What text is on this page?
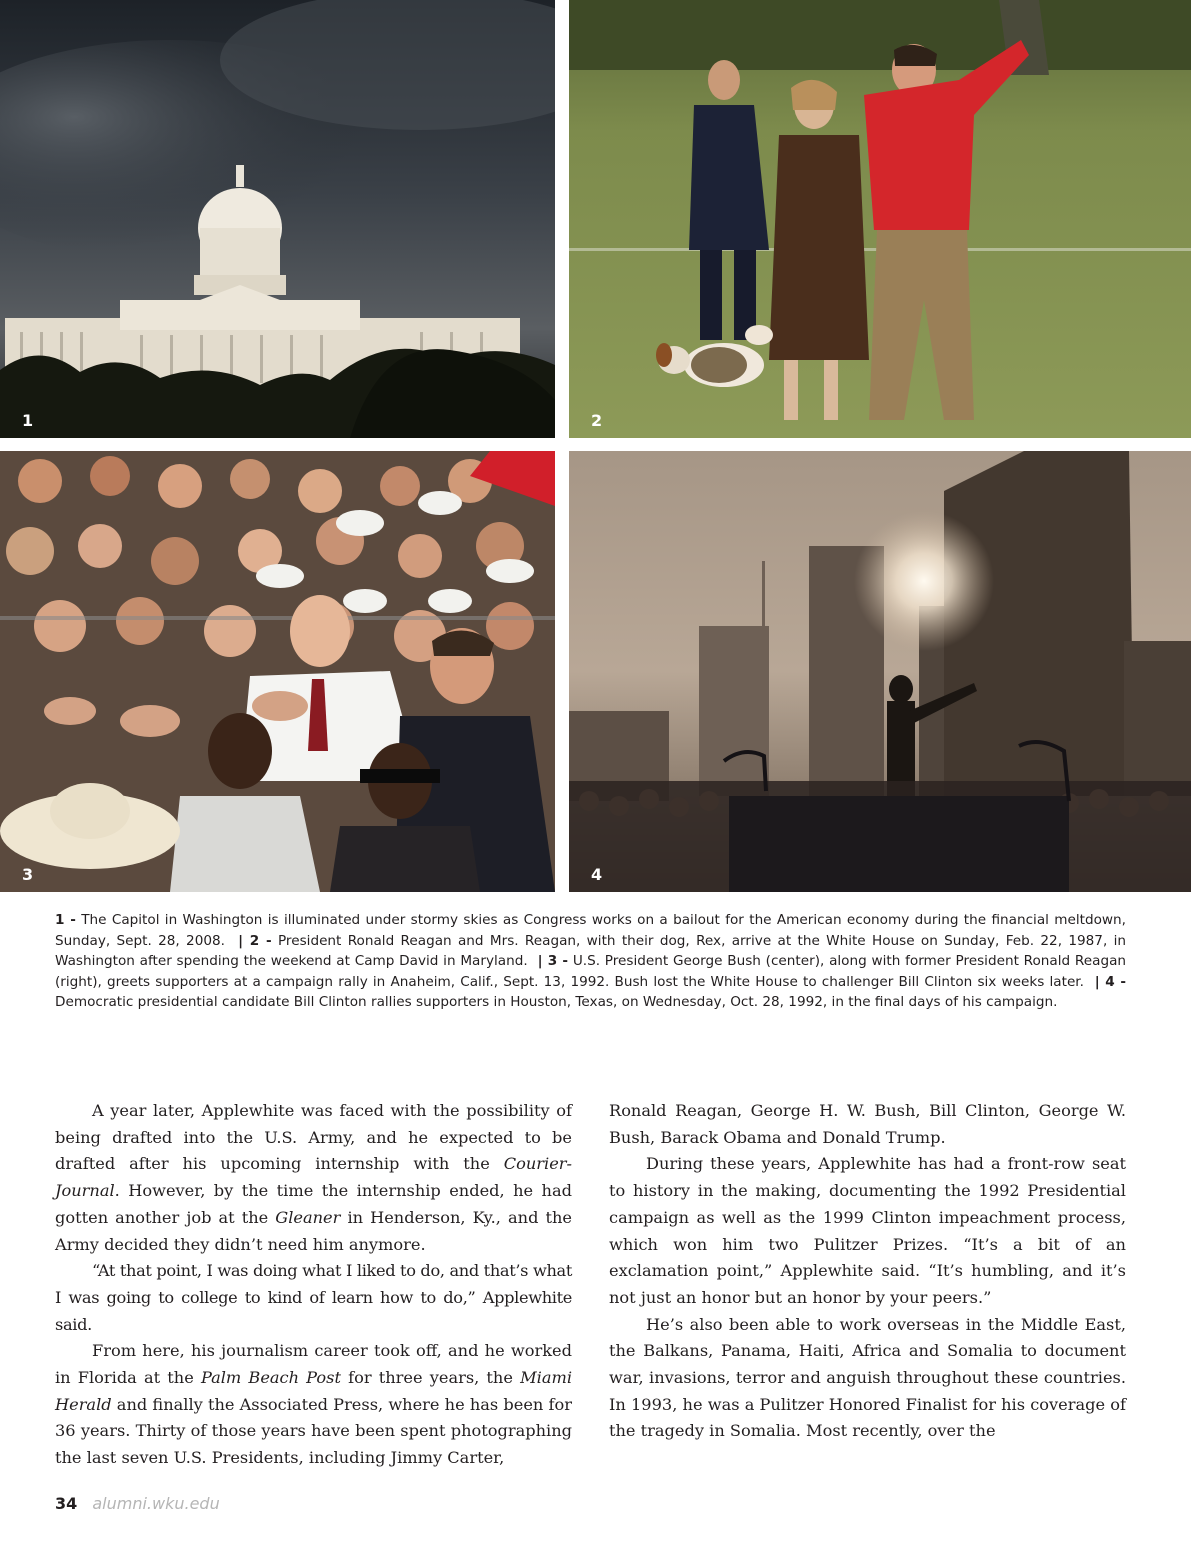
1	2
3	4
1 - The Capitol in Washington is illuminated under stormy skies as Congress works on a bailout for the American economy during the financial meltdown, Sunday, Sept. 28, 2008.  | 2 - President Ronald Reagan and Mrs. Reagan, with their dog, Rex, arrive at the White House on Sunday, Feb. 22, 1987, in Washington after spending the weekend at Camp David in Maryland.  | 3 - U.S. President George Bush (center), along with former President Ronald Reagan (right), greets supporters at a campaign rally in Anaheim, Calif., Sept. 13, 1992. Bush lost the White House to challenger Bill Clinton six weeks later.  | 4 - Democratic presidential candidate Bill Clinton rallies supporters in Houston, Texas, on Wednesday, Oct. 28, 1992, in the final days of his campaign.

A year later, Applewhite was faced with the possibility of being drafted into the U.S. Army, and he expected to be drafted after his upcoming internship with the Courier-Journal. However, by the time the internship ended, he had gotten another job at the Gleaner in Henderson, Ky., and the Army decided they didn’t need him anymore.

“At that point, I was doing what I liked to do, and that’s what I was going to college to kind of learn how to do,” Applewhite said.

From here, his journalism career took off, and he worked in Florida at the Palm Beach Post for three years, the Miami Herald and finally the Associated Press, where he has been for 36 years. Thirty of those years have been spent photographing the last seven U.S. Presidents, including Jimmy Carter,

Ronald Reagan, George H. W. Bush, Bill Clinton, George W. Bush, Barack Obama and Donald Trump.

During these years, Applewhite has had a front-row seat to history in the making, documenting the 1992 Presidential campaign as well as the 1999 Clinton impeachment process, which won him two Pulitzer Prizes. “It’s a bit of an exclamation point,” Applewhite said. “It’s humbling, and it’s not just an honor but an honor by your peers.”

He’s also been able to work overseas in the Middle East, the Balkans, Panama, Haiti, Africa and Somalia to document war, invasions, terror and anguish throughout these countries. In 1993, he was a Pulitzer Honored Finalist for his coverage of the tragedy in Somalia. Most recently, over the

34 alumni.wku.edu
